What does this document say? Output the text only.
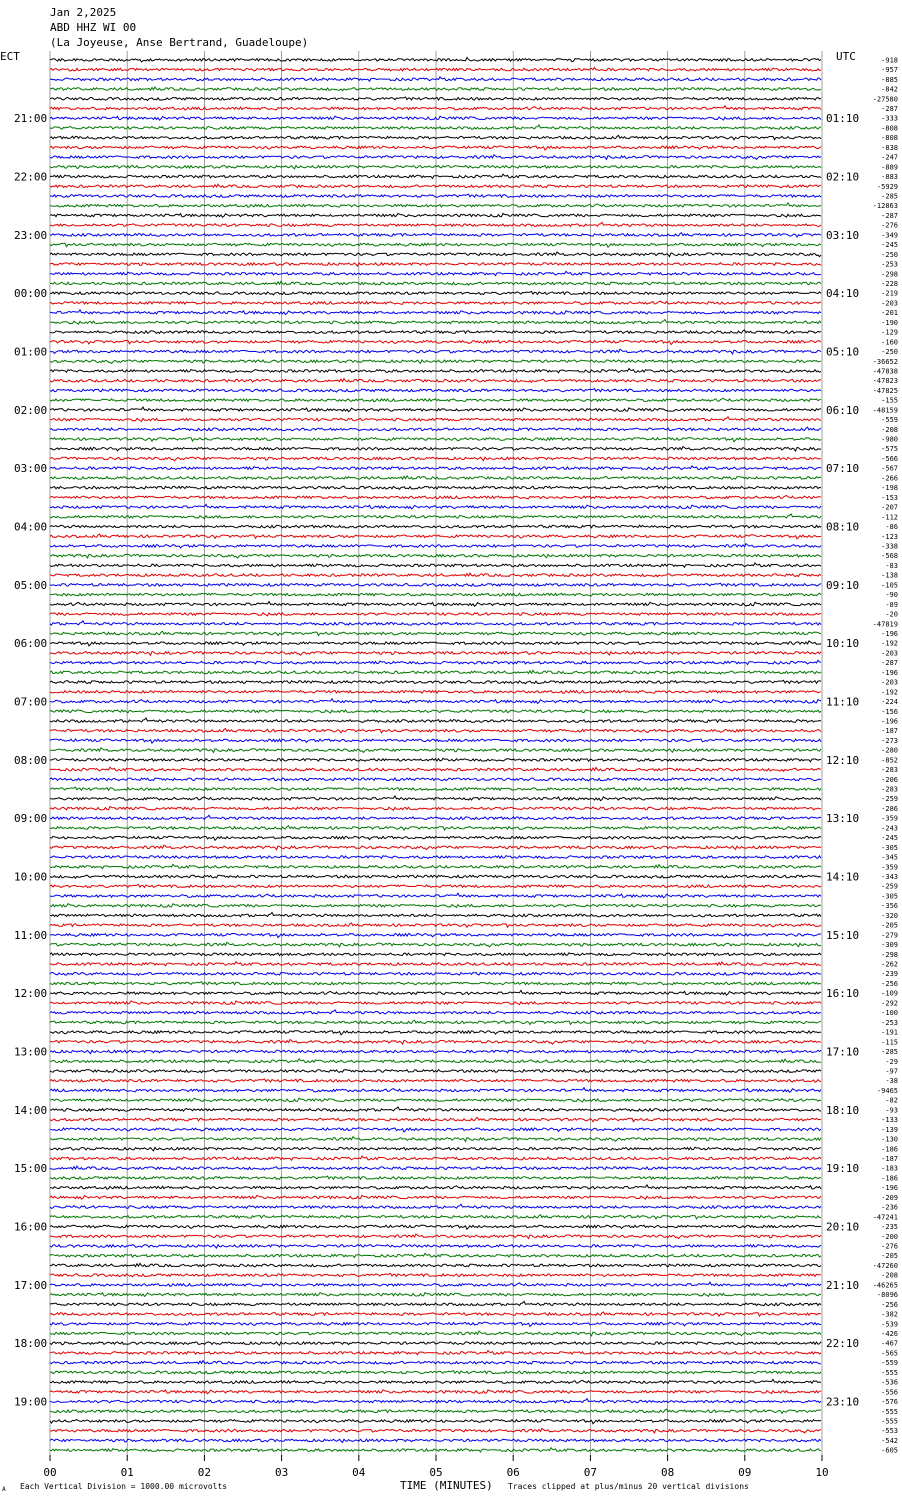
Jan 2,2025
ABD HHZ WI 00
(La Joyeuse, Anse Bertrand, Guadeloupe)
ECT	UTC
21:00
22:00
23:00
00:00
01:00
02:00
03:00
04:00
05:00
06:00
07:00
08:00
09:00
10:00
11:00
12:00
13:00
14:00
15:00
16:00
17:00
18:00
19:00
01:10
02:10
03:10
04:10
05:10
06:10
07:10
08:10
09:10
10:10
11:10
12:10
13:10
14:10
15:10
16:10
17:10
18:10
19:10
20:10
21:10
22:10
23:10
-918
-957
-885
-842
-27580
-287
-333
-808
-808
-838
-247
-889
-883
-5929
-285
-12863
-287
-276
-349
-245
-250
-253
-298
-228
-219
-203
-201
-190
-129
-160
-250
-36652
-47838
-47823
-47825
-155
-48159
-559
-208
-980
-575
-566
-567
-266
-198
-153
-207
-112
-86
-123
-338
-568
-83
-138
-105
-90
-89
-20
-47819
-196
-192
-203
-287
-196
-203
-192
-224
-156
-196
-187
-273
-280
-852
-283
-206
-283
-259
-286
-359
-243
-245
-305
-345
-359
-343
-259
-305
-356
-320
-205
-279
-309
-298
-262
-239
-256
-109
-292
-100
-253
-191
-115
-285
-29
-97
-38
-9465
-82
-93
-133
-139
-130
-186
-187
-183
-186
-196
-209
-236
-47241
-235
-200
-276
-205
-47260
-208
-46265
-8096
-256
-382
-539
-426
-467
-565
-559
-555
-536
-556
-576
-555
-555
-553
-542
-605
00	01	02	03	04	05	06	07	08	09	10
A Each Vertical Division = 1000.00 microvolts	TIME (MINUTES) Traces clipped at plus/minus 20 vertical divisions
